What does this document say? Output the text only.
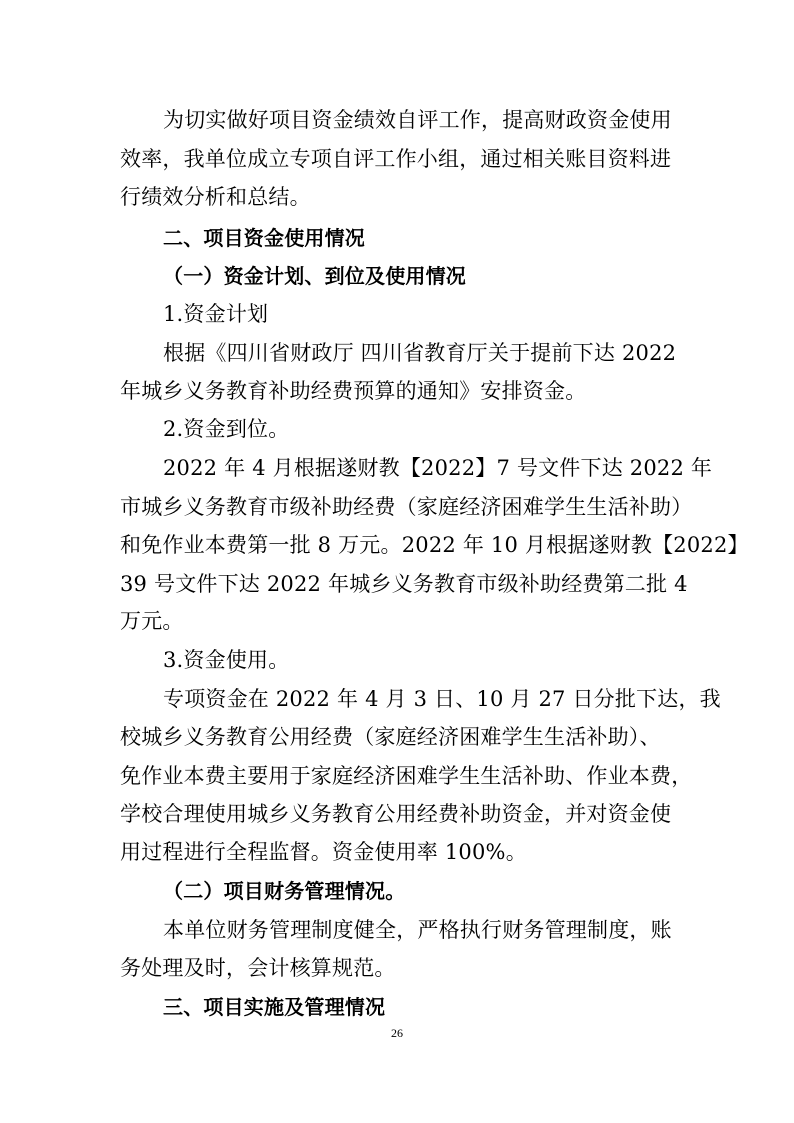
为切实做好项目资金绩效自评工作，提高财政资金使用

效率，我单位成立专项自评工作小组，通过相关账目资料进

行绩效分析和总结。

二、项目资金使用情况

（一）资金计划、到位及使用情况

1.资金计划

根据《四川省财政厅 四川省教育厅关于提前下达 2022

年城乡义务教育补助经费预算的通知》安排资金。

2.资金到位。

2022 年 4 月根据遂财教【2022】7 号文件下达 2022 年

市城乡义务教育市级补助经费（家庭经济困难学生生活补助）

和免作业本费第一批 8 万元。2022 年 10 月根据遂财教【2022】

39 号文件下达 2022 年城乡义务教育市级补助经费第二批 4

万元。

3.资金使用。

专项资金在 2022 年 4 月 3 日、10 月 27 日分批下达，我

校城乡义务教育公用经费（家庭经济困难学生生活补助）、

免作业本费主要用于家庭经济困难学生生活补助、作业本费，

学校合理使用城乡义务教育公用经费补助资金，并对资金使

用过程进行全程监督。资金使用率 100%。

（二）项目财务管理情况。

本单位财务管理制度健全，严格执行财务管理制度，账

务处理及时，会计核算规范。

三、项目实施及管理情况

26
